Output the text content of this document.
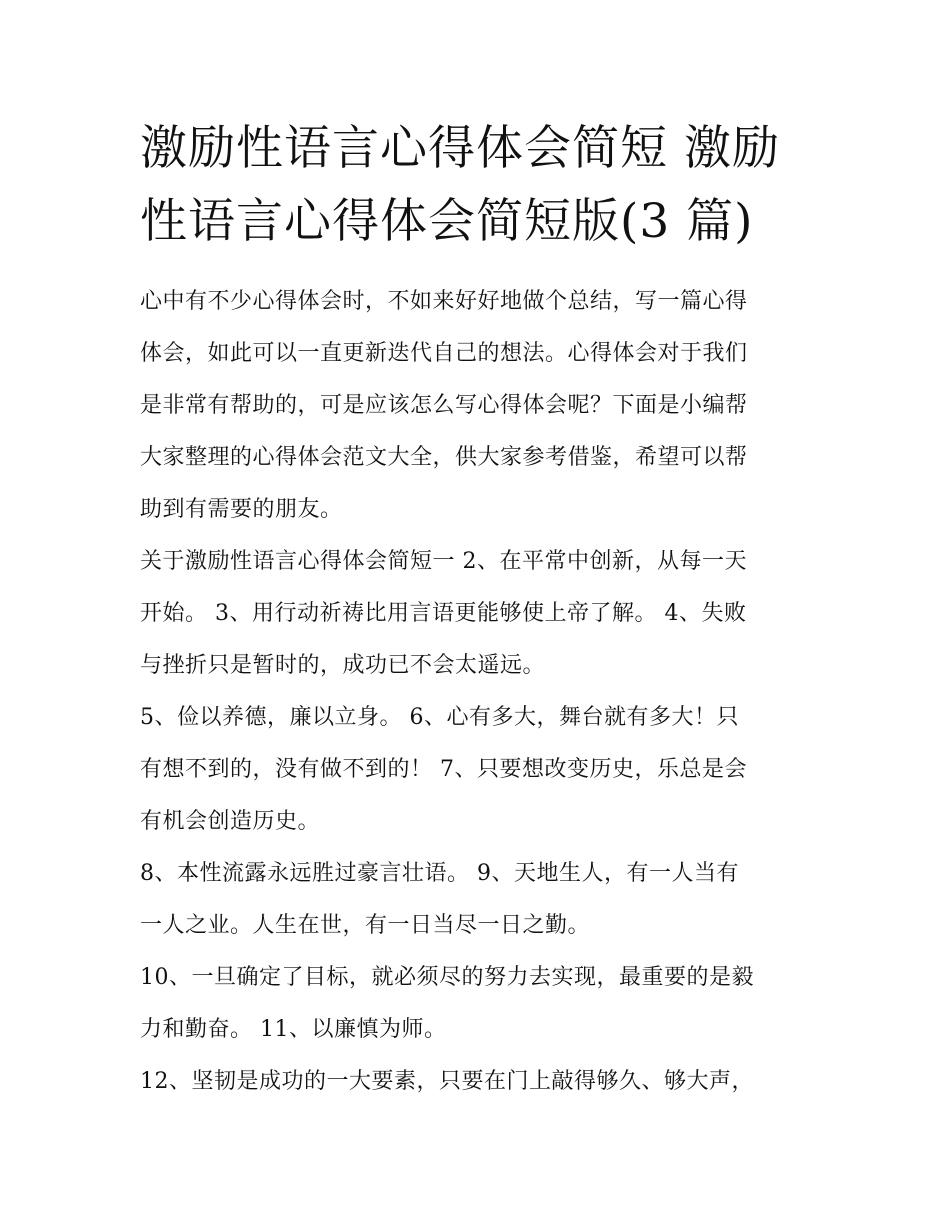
激励性语言心得体会简短 激励
性语言心得体会简短版(3 篇)
心中有不少心得体会时，不如来好好地做个总结，写一篇心得
体会，如此可以一直更新迭代自己的想法。心得体会对于我们
是非常有帮助的，可是应该怎么写心得体会呢？下面是小编帮
大家整理的心得体会范文大全，供大家参考借鉴，希望可以帮
助到有需要的朋友。
关于激励性语言心得体会简短一 2、在平常中创新，从每一天
开始。 3、用行动祈祷比用言语更能够使上帝了解。 4、失败
与挫折只是暂时的，成功已不会太遥远。
5、俭以养德，廉以立身。 6、心有多大，舞台就有多大！只
有想不到的，没有做不到的！ 7、只要想改变历史，乐总是会
有机会创造历史。
8、本性流露永远胜过豪言壮语。 9、天地生人，有一人当有
一人之业。人生在世，有一日当尽一日之勤。
10、一旦确定了目标，就必须尽的努力去实现，最重要的是毅
力和勤奋。 11、以廉慎为师。
12、坚韧是成功的一大要素，只要在门上敲得够久、够大声，
